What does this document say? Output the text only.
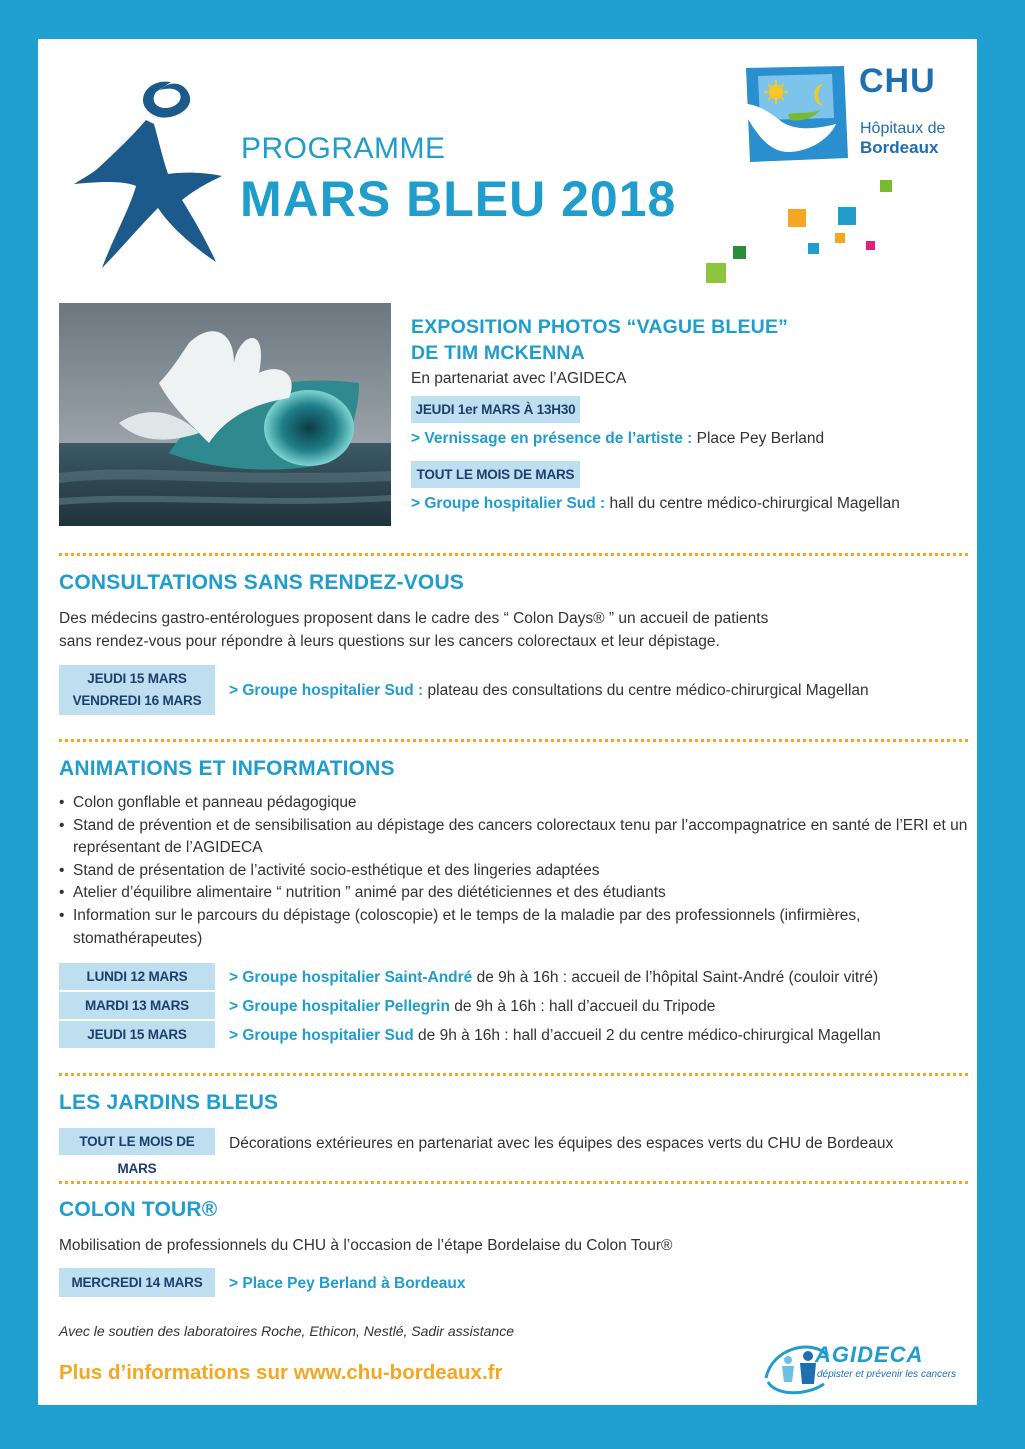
PROGRAMME
MARS BLEU 2018
CHU
Hôpitaux de
Bordeaux
EXPOSITION PHOTOS “VAGUE BLEUE”
DE TIM MCKENNA
En partenariat avec l’AGIDECA
JEUDI 1er MARS À 13H30
> Vernissage en présence de l’artiste : Place Pey Berland
TOUT LE MOIS DE MARS
> Groupe hospitalier Sud : hall du centre médico-chirurgical Magellan
CONSULTATIONS SANS RENDEZ-VOUS
Des médecins gastro-entérologues proposent dans le cadre des “ Colon Days® ” un accueil de patients
sans rendez-vous pour répondre à leurs questions sur les cancers colorectaux et leur dépistage.
JEUDI 15 MARS
VENDREDI 16 MARS
> Groupe hospitalier Sud : plateau des consultations du centre médico-chirurgical Magellan
ANIMATIONS ET INFORMATIONS
• Colon gonflable et panneau pédagogique
• Stand de prévention et de sensibilisation au dépistage des cancers colorectaux tenu par l’accompagnatrice en santé de l’ERI et un représentant de l’AGIDECA
• Stand de présentation de l’activité socio-esthétique et des lingeries adaptées
• Atelier d’équilibre alimentaire “ nutrition ” animé par des diététiciennes et des étudiants
• Information sur le parcours du dépistage (coloscopie) et le temps de la maladie par des professionnels (infirmières, stomathérapeutes)
LUNDI 12 MARS	> Groupe hospitalier Saint-André de 9h à 16h : accueil de l’hôpital Saint-André (couloir vitré)
MARDI 13 MARS	> Groupe hospitalier Pellegrin de 9h à 16h : hall d’accueil du Tripode
JEUDI 15 MARS	> Groupe hospitalier Sud de 9h à 16h : hall d’accueil 2 du centre médico-chirurgical Magellan
LES JARDINS BLEUS
TOUT LE MOIS DE MARS
Décorations extérieures en partenariat avec les équipes des espaces verts du CHU de Bordeaux
COLON TOUR®
Mobilisation de professionnels du CHU à l’occasion de l’étape Bordelaise du Colon Tour®
MERCREDI 14 MARS	> Place Pey Berland à Bordeaux
Avec le soutien des laboratoires Roche, Ethicon, Nestlé, Sadir assistance
Plus d’informations sur www.chu-bordeaux.fr
AGIDECA
dépister et prévenir les cancers
